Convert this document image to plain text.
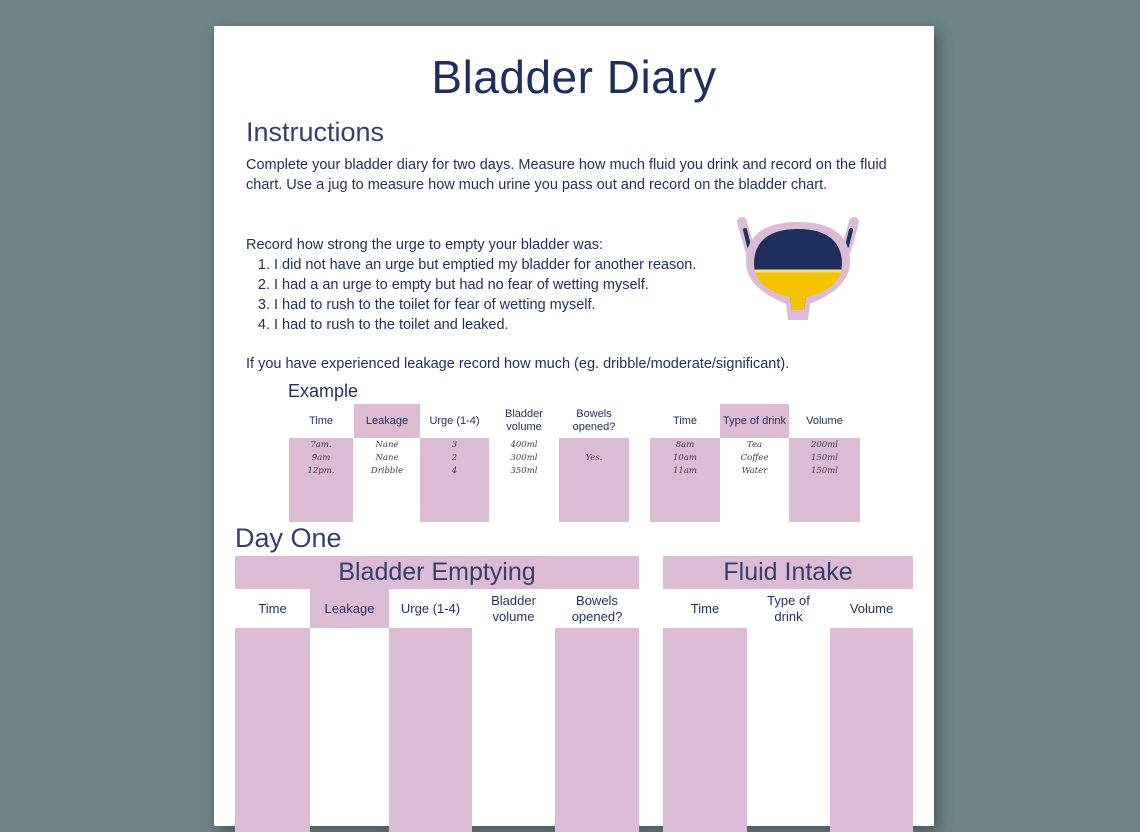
Bladder Diary
Instructions
Complete your bladder diary for two days. Measure how much fluid you drink and record on the fluid chart. Use a jug to measure how much urine you pass out and record on the bladder chart.
Record how strong the urge to empty your bladder was:
1. I did not have an urge but emptied my bladder for another reason.
2. I had a an urge to empty but had no fear of wetting myself.
3. I had to rush to the toilet for fear of wetting myself.
4. I had to rush to the toilet and leaked.
If you have experienced leakage record how much (eg. dribble/moderate/significant).
Example
Time
7am.
9am
12pm.
Leakage
Nane
Nane
Dribble
Urge (1-4)
3
2
4
Bladder volume
400ml
300ml
350ml
Bowels opened?
Yes.
Time
8am
10am
11am
Type of drink
Tea
Coffee
Water
Volume
200ml
150ml
150ml
Day One
Bladder Emptying
Time	Leakage	Urge (1-4)
Bladder volume
Bowels opened?
Fluid Intake
Time
Type of drink
Volume
